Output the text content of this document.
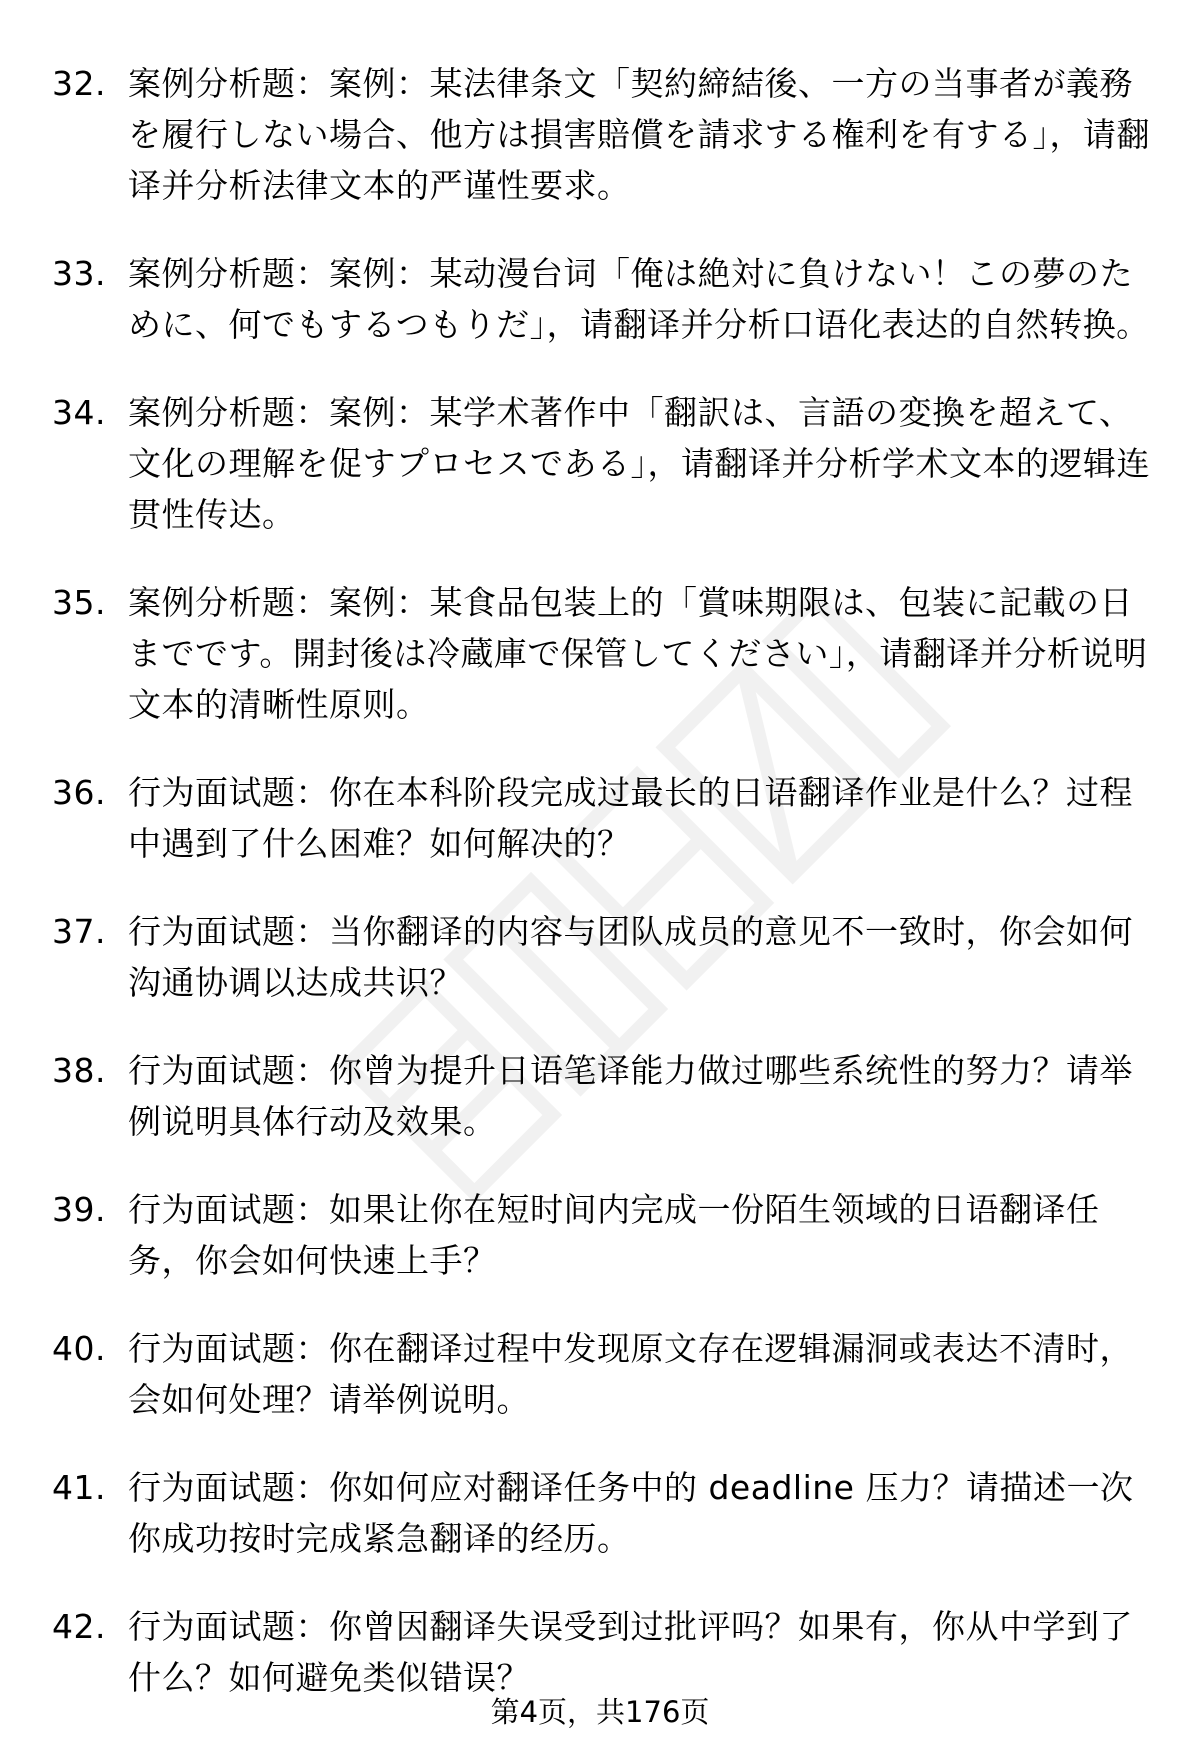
32. 案例分析题：案例：某法律条文「契約締結後、一方の当事者が義務を履行しない場合、他方は損害賠償を請求する権利を有する」，请翻译并分析法律文本的严谨性要求。
33. 案例分析题：案例：某动漫台词「俺は絶対に負けない！この夢のために、何でもするつもりだ」，请翻译并分析口语化表达的自然转换。
34. 案例分析题：案例：某学术著作中「翻訳は、言語の変換を超えて、文化の理解を促すプロセスである」，请翻译并分析学术文本的逻辑连贯性传达。
35. 案例分析题：案例：某食品包装上的「賞味期限は、包装に記載の日までです。開封後は冷蔵庫で保管してください」，请翻译并分析说明文本的清晰性原则。
36. 行为面试题：你在本科阶段完成过最长的日语翻译作业是什么？过程中遇到了什么困难？如何解决的？
37. 行为面试题：当你翻译的内容与团队成员的意见不一致时，你会如何沟通协调以达成共识？
38. 行为面试题：你曾为提升日语笔译能力做过哪些系统性的努力？请举例说明具体行动及效果。
39. 行为面试题：如果让你在短时间内完成一份陌生领域的日语翻译任务，你会如何快速上手？
40. 行为面试题：你在翻译过程中发现原文存在逻辑漏洞或表达不清时，会如何处理？请举例说明。
41. 行为面试题：你如何应对翻译任务中的 deadline 压力？请描述一次你成功按时完成紧急翻译的经历。
42. 行为面试题：你曾因翻译失误受到过批评吗？如果有，你从中学到了什么？如何避免类似错误？
第4页，共176页
